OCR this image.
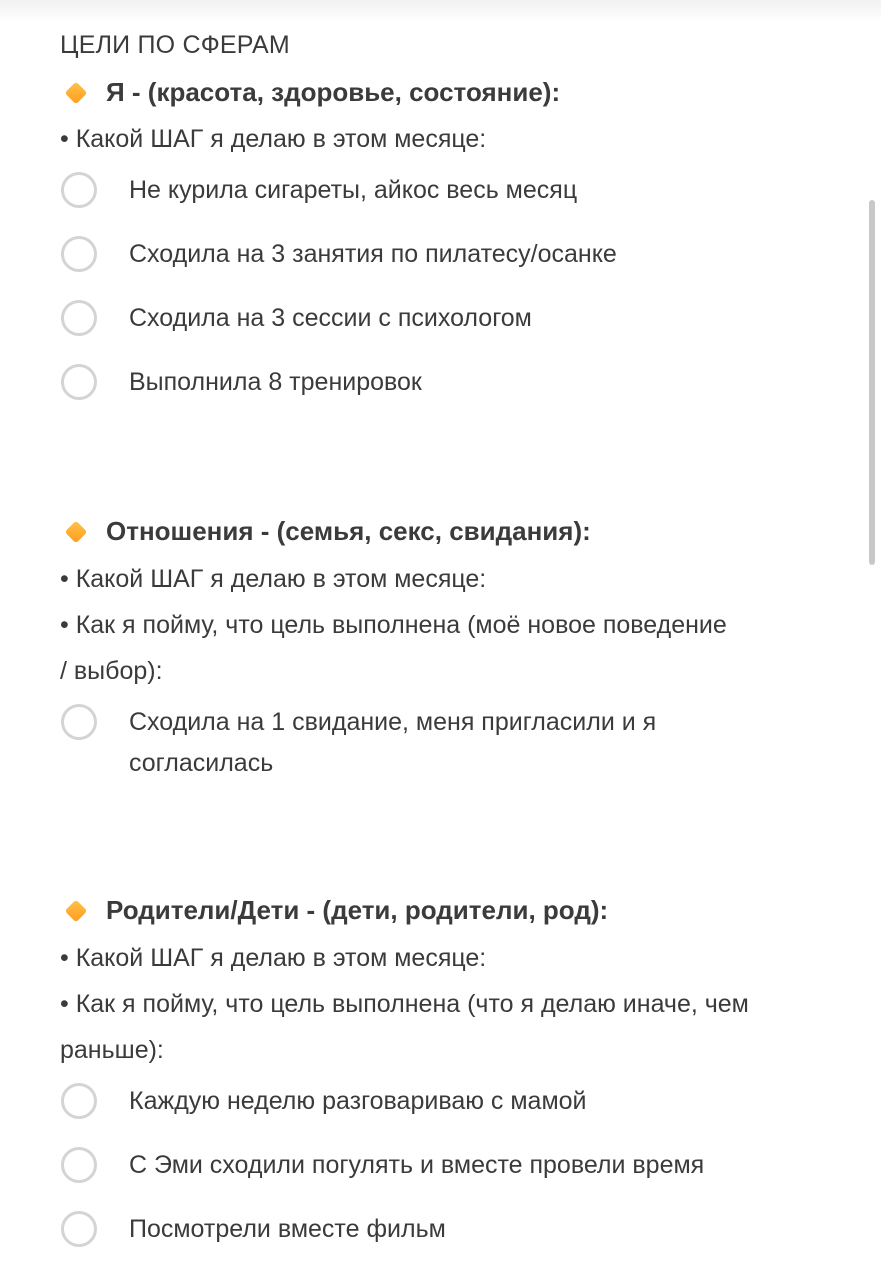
ЦЕЛИ ПО СФЕРАМ
Я - (красота, здоровье, состояние):
• Какой ШАГ я делаю в этом месяце:
Не курила сигареты, айкос весь месяц
Сходила на 3 занятия по пилатесу/осанке
Сходила на 3 сессии с психологом
Выполнила 8 тренировок
Отношения - (семья, секс, свидания):
• Какой ШАГ я делаю в этом месяце:
• Как я пойму, что цель выполнена (моё новое поведение / выбор):
Сходила на 1 свидание, меня пригласили и я согласилась
Родители/Дети - (дети, родители, род):
• Какой ШАГ я делаю в этом месяце:
• Как я пойму, что цель выполнена (что я делаю иначе, чем раньше):
Каждую неделю разговариваю с мамой
С Эми сходили погулять и вместе провели время
Посмотрели вместе фильм
